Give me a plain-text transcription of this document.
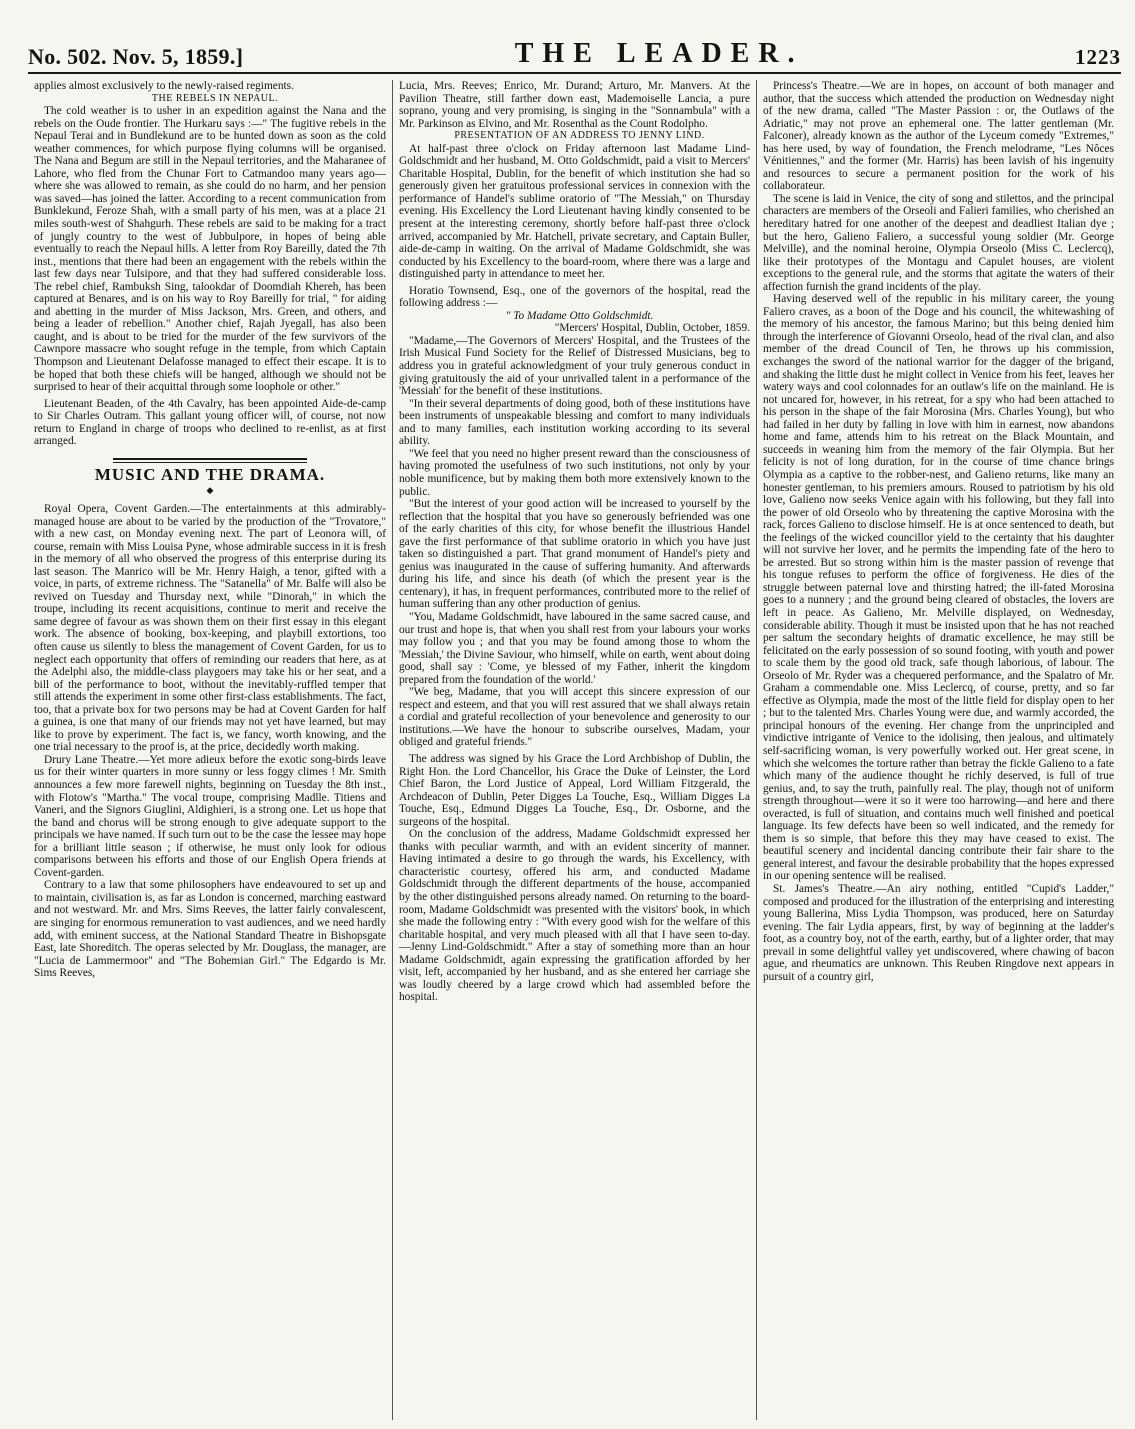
No. 502. Nov. 5, 1859.]	THE LEADER.	1223

applies almost exclusively to the newly-raised regiments.

THE REBELS IN NEPAUL.

The cold weather is to usher in an expedition against the Nana and the rebels on the Oude frontier. The Hurkaru says :—" The fugitive rebels in the Nepaul Terai and in Bundlekund are to be hunted down as soon as the cold weather commences, for which purpose flying columns will be organised. The Nana and Begum are still in the Nepaul territories, and the Maharanee of Lahore, who fled from the Chunar Fort to Catmandoo many years ago—where she was allowed to remain, as she could do no harm, and her pension was saved—has joined the latter. According to a recent communication from Bunklekund, Feroze Shah, with a small party of his men, was at a place 21 miles south-west of Shahgurh. These rebels are said to be making for a tract of jungly country to the west of Jubbulpore, in hopes of being able eventually to reach the Nepaul hills. A letter from Roy Bareilly, dated the 7th inst., mentions that there had been an engagement with the rebels within the last few days near Tulsipore, and that they had suffered considerable loss. The rebel chief, Rambuksh Sing, talookdar of Doomdiah Khereh, has been captured at Benares, and is on his way to Roy Bareilly for trial, " for aiding and abetting in the murder of Miss Jackson, Mrs. Green, and others, and being a leader of rebellion." Another chief, Rajah Jyegall, has also been caught, and is about to be tried for the murder of the few survivors of the Cawnpore massacre who sought refuge in the temple, from which Captain Thompson and Lieutenant Delafosse managed to effect their escape. It is to be hoped that both these chiefs will be hanged, although we should not be surprised to hear of their acquittal through some loophole or other."

Lieutenant Beaden, of the 4th Cavalry, has been appointed Aide-de-camp to Sir Charles Outram. This gallant young officer will, of course, not now return to England in charge of troops who declined to re-enlist, as at first arranged.

MUSIC AND THE DRAMA.
◆

Royal Opera, Covent Garden.—The entertainments at this admirably-managed house are about to be varied by the production of the "Trovatore," with a new cast, on Monday evening next. The part of Leonora will, of course, remain with Miss Louisa Pyne, whose admirable success in it is fresh in the memory of all who observed the progress of this enterprise during its last season. The Manrico will be Mr. Henry Haigh, a tenor, gifted with a voice, in parts, of extreme richness. The "Satanella" of Mr. Balfe will also be revived on Tuesday and Thursday next, while "Dinorah," in which the troupe, including its recent acquisitions, continue to merit and receive the same degree of favour as was shown them on their first essay in this elegant work. The absence of booking, box-keeping, and playbill extortions, too often cause us silently to bless the management of Covent Garden, for us to neglect each opportunity that offers of reminding our readers that here, as at the Adelphi also, the middle-class playgoers may take his or her seat, and a bill of the performance to boot, without the inevitably-ruffled temper that still attends the experiment in some other first-class establishments. The fact, too, that a private box for two persons may be had at Covent Garden for half a guinea, is one that many of our friends may not yet have learned, but may like to prove by experiment. The fact is, we fancy, worth knowing, and the one trial necessary to the proof is, at the price, decidedly worth making.

Drury Lane Theatre.—Yet more adieux before the exotic song-birds leave us for their winter quarters in more sunny or less foggy climes ! Mr. Smith announces a few more farewell nights, beginning on Tuesday the 8th inst., with Flotow's "Martha." The vocal troupe, comprising Madlle. Titiens and Vaneri, and the Signors Giuglini, Aldighieri, is a strong one. Let us hope that the band and chorus will be strong enough to give adequate support to the principals we have named. If such turn out to be the case the lessee may hope for a brilliant little season ; if otherwise, he must only look for odious comparisons between his efforts and those of our English Opera friends at Covent-garden.

Contrary to a law that some philosophers have endeavoured to set up and to maintain, civilisation is, as far as London is concerned, marching eastward and not westward. Mr. and Mrs. Sims Reeves, the latter fairly convalescent, are singing for enormous remuneration to vast audiences, and we need hardly add, with eminent success, at the National Standard Theatre in Bishopsgate East, late Shoreditch. The operas selected by Mr. Douglass, the manager, are "Lucia de Lammermoor" and "The Bohemian Girl." The Edgardo is Mr. Sims Reeves,

Lucia, Mrs. Reeves; Enrico, Mr. Durand; Arturo, Mr. Manvers. At the Pavilion Theatre, still farther down east, Mademoiselle Lancia, a pure soprano, young and very promising, is singing in the "Sonnambula" with a Mr. Parkinson as Elvino, and Mr. Rosenthal as the Count Rodolpho.

PRESENTATION OF AN ADDRESS TO JENNY LIND.

At half-past three o'clock on Friday afternoon last Madame Lind-Goldschmidt and her husband, M. Otto Goldschmidt, paid a visit to Mercers' Charitable Hospital, Dublin, for the benefit of which institution she had so generously given her gratuitous professional services in connexion with the performance of Handel's sublime oratorio of "The Messiah," on Thursday evening. His Excellency the Lord Lieutenant having kindly consented to be present at the interesting ceremony, shortly before half-past three o'clock arrived, accompanied by Mr. Hatchell, private secretary, and Captain Buller, aide-de-camp in waiting. On the arrival of Madame Goldschmidt, she was conducted by his Excellency to the board-room, where there was a large and distinguished party in attendance to meet her.

Horatio Townsend, Esq., one of the governors of the hospital, read the following address :—

" To Madame Otto Goldschmidt.

"Mercers' Hospital, Dublin, October, 1859.

"Madame,—The Governors of Mercers' Hospital, and the Trustees of the Irish Musical Fund Society for the Relief of Distressed Musicians, beg to address you in grateful acknowledgment of your truly generous conduct in giving gratuitously the aid of your unrivalled talent in a performance of the 'Messiah' for the benefit of these institutions.

"In their several departments of doing good, both of these institutions have been instruments of unspeakable blessing and comfort to many individuals and to many families, each institution working according to its several ability.

"We feel that you need no higher present reward than the consciousness of having promoted the usefulness of two such institutions, not only by your noble munificence, but by making them both more extensively known to the public.

"But the interest of your good action will be increased to yourself by the reflection that the hospital that you have so generously befriended was one of the early charities of this city, for whose benefit the illustrious Handel gave the first performance of that sublime oratorio in which you have just taken so distinguished a part. That grand monument of Handel's piety and genius was inaugurated in the cause of suffering humanity. And afterwards during his life, and since his death (of which the present year is the centenary), it has, in frequent performances, contributed more to the relief of human suffering than any other production of genius.

"You, Madame Goldschmidt, have laboured in the same sacred cause, and our trust and hope is, that when you shall rest from your labours your works may follow you ; and that you may be found among those to whom the 'Messiah,' the Divine Saviour, who himself, while on earth, went about doing good, shall say : 'Come, ye blessed of my Father, inherit the kingdom prepared from the foundation of the world.'

"We beg, Madame, that you will accept this sincere expression of our respect and esteem, and that you will rest assured that we shall always retain a cordial and grateful recollection of your benevolence and generosity to our institutions.—We have the honour to subscribe ourselves, Madam, your obliged and grateful friends."

The address was signed by his Grace the Lord Archbishop of Dublin, the Right Hon. the Lord Chancellor, his Grace the Duke of Leinster, the Lord Chief Baron, the Lord Justice of Appeal, Lord William Fitzgerald, the Archdeacon of Dublin, Peter Digges La Touche, Esq., William Digges La Touche, Esq., Edmund Digges La Touche, Esq., Dr. Osborne, and the surgeons of the hospital.

On the conclusion of the address, Madame Goldschmidt expressed her thanks with peculiar warmth, and with an evident sincerity of manner. Having intimated a desire to go through the wards, his Excellency, with characteristic courtesy, offered his arm, and conducted Madame Goldschmidt through the different departments of the house, accompanied by the other distinguished persons already named. On returning to the board-room, Madame Goldschmidt was presented with the visitors' book, in which she made the following entry : "With every good wish for the welfare of this charitable hospital, and very much pleased with all that I have seen to-day. —Jenny Lind-Goldschmidt." After a stay of something more than an hour Madame Goldschmidt, again expressing the gratification afforded by her visit, left, accompanied by her husband, and as she entered her carriage she was loudly cheered by a large crowd which had assembled before the hospital.

Princess's Theatre.—We are in hopes, on account of both manager and author, that the success which attended the production on Wednesday night of the new drama, called "The Master Passion : or, the Outlaws of the Adriatic," may not prove an ephemeral one. The latter gentleman (Mr. Falconer), already known as the author of the Lyceum comedy "Extremes," has here used, by way of foundation, the French melodrame, "Les Nôces Vénitiennes," and the former (Mr. Harris) has been lavish of his ingenuity and resources to secure a permanent position for the work of his collaborateur.

The scene is laid in Venice, the city of song and stilettos, and the principal characters are members of the Orseoli and Falieri families, who cherished an hereditary hatred for one another of the deepest and deadliest Italian dye ; but the hero, Galieno Faliero, a successful young soldier (Mr. George Melville), and the nominal heroine, Olympia Orseolo (Miss C. Leclercq), like their prototypes of the Montagu and Capulet houses, are violent exceptions to the general rule, and the storms that agitate the waters of their affection furnish the grand incidents of the play.

Having deserved well of the republic in his military career, the young Faliero craves, as a boon of the Doge and his council, the whitewashing of the memory of his ancestor, the famous Marino; but this being denied him through the interference of Giovanni Orseolo, head of the rival clan, and also member of the dread Council of Ten, he throws up his commission, exchanges the sword of the national warrior for the dagger of the brigand, and shaking the little dust he might collect in Venice from his feet, leaves her watery ways and cool colonnades for an outlaw's life on the mainland. He is not uncared for, however, in his retreat, for a spy who had been attached to his person in the shape of the fair Morosina (Mrs. Charles Young), but who had failed in her duty by falling in love with him in earnest, now abandons home and fame, attends him to his retreat on the Black Mountain, and succeeds in weaning him from the memory of the fair Olympia. But her felicity is not of long duration, for in the course of time chance brings Olympia as a captive to the robber-nest, and Galieno returns, like many an honester gentleman, to his premiers amours. Roused to patriotism by his old love, Galieno now seeks Venice again with his following, but they fall into the power of old Orseolo who by threatening the captive Morosina with the rack, forces Galieno to disclose himself. He is at once sentenced to death, but the feelings of the wicked councillor yield to the certainty that his daughter will not survive her lover, and he permits the impending fate of the hero to be arrested. But so strong within him is the master passion of revenge that his tongue refuses to perform the office of forgiveness. He dies of the struggle between paternal love and thirsting hatred; the ill-fated Morosina goes to a nunnery ; and the ground being cleared of obstacles, the lovers are left in peace. As Galieno, Mr. Melville displayed, on Wednesday, considerable ability. Though it must be insisted upon that he has not reached per saltum the secondary heights of dramatic excellence, he may still be felicitated on the early possession of so sound footing, with youth and power to scale them by the good old track, safe though laborious, of labour. The Orseolo of Mr. Ryder was a chequered performance, and the Spalatro of Mr. Graham a commendable one. Miss Leclercq, of course, pretty, and so far effective as Olympia, made the most of the little field for display open to her ; but to the talented Mrs. Charles Young were due, and warmly accorded, the principal honours of the evening. Her change from the unprincipled and vindictive intrigante of Venice to the idolising, then jealous, and ultimately self-sacrificing woman, is very powerfully worked out. Her great scene, in which she welcomes the torture rather than betray the fickle Galieno to a fate which many of the audience thought he richly deserved, is full of true genius, and, to say the truth, painfully real. The play, though not of uniform strength throughout—were it so it were too harrowing—and here and there overacted, is full of situation, and contains much well finished and poetical language. Its few defects have been so well indicated, and the remedy for them is so simple, that before this they may have ceased to exist. The beautiful scenery and incidental dancing contribute their fair share to the general interest, and favour the desirable probability that the hopes expressed in our opening sentence will be realised.

St. James's Theatre.—An airy nothing, entitled "Cupid's Ladder," composed and produced for the illustration of the enterprising and interesting young Ballerina, Miss Lydia Thompson, was produced, here on Saturday evening. The fair Lydia appears, first, by way of beginning at the ladder's foot, as a country boy, not of the earth, earthy, but of a lighter order, that may prevail in some delightful valley yet undiscovered, where chawing of bacon ague, and rheumatics are unknown. This Reuben Ringdove next appears in pursuit of a country girl,
